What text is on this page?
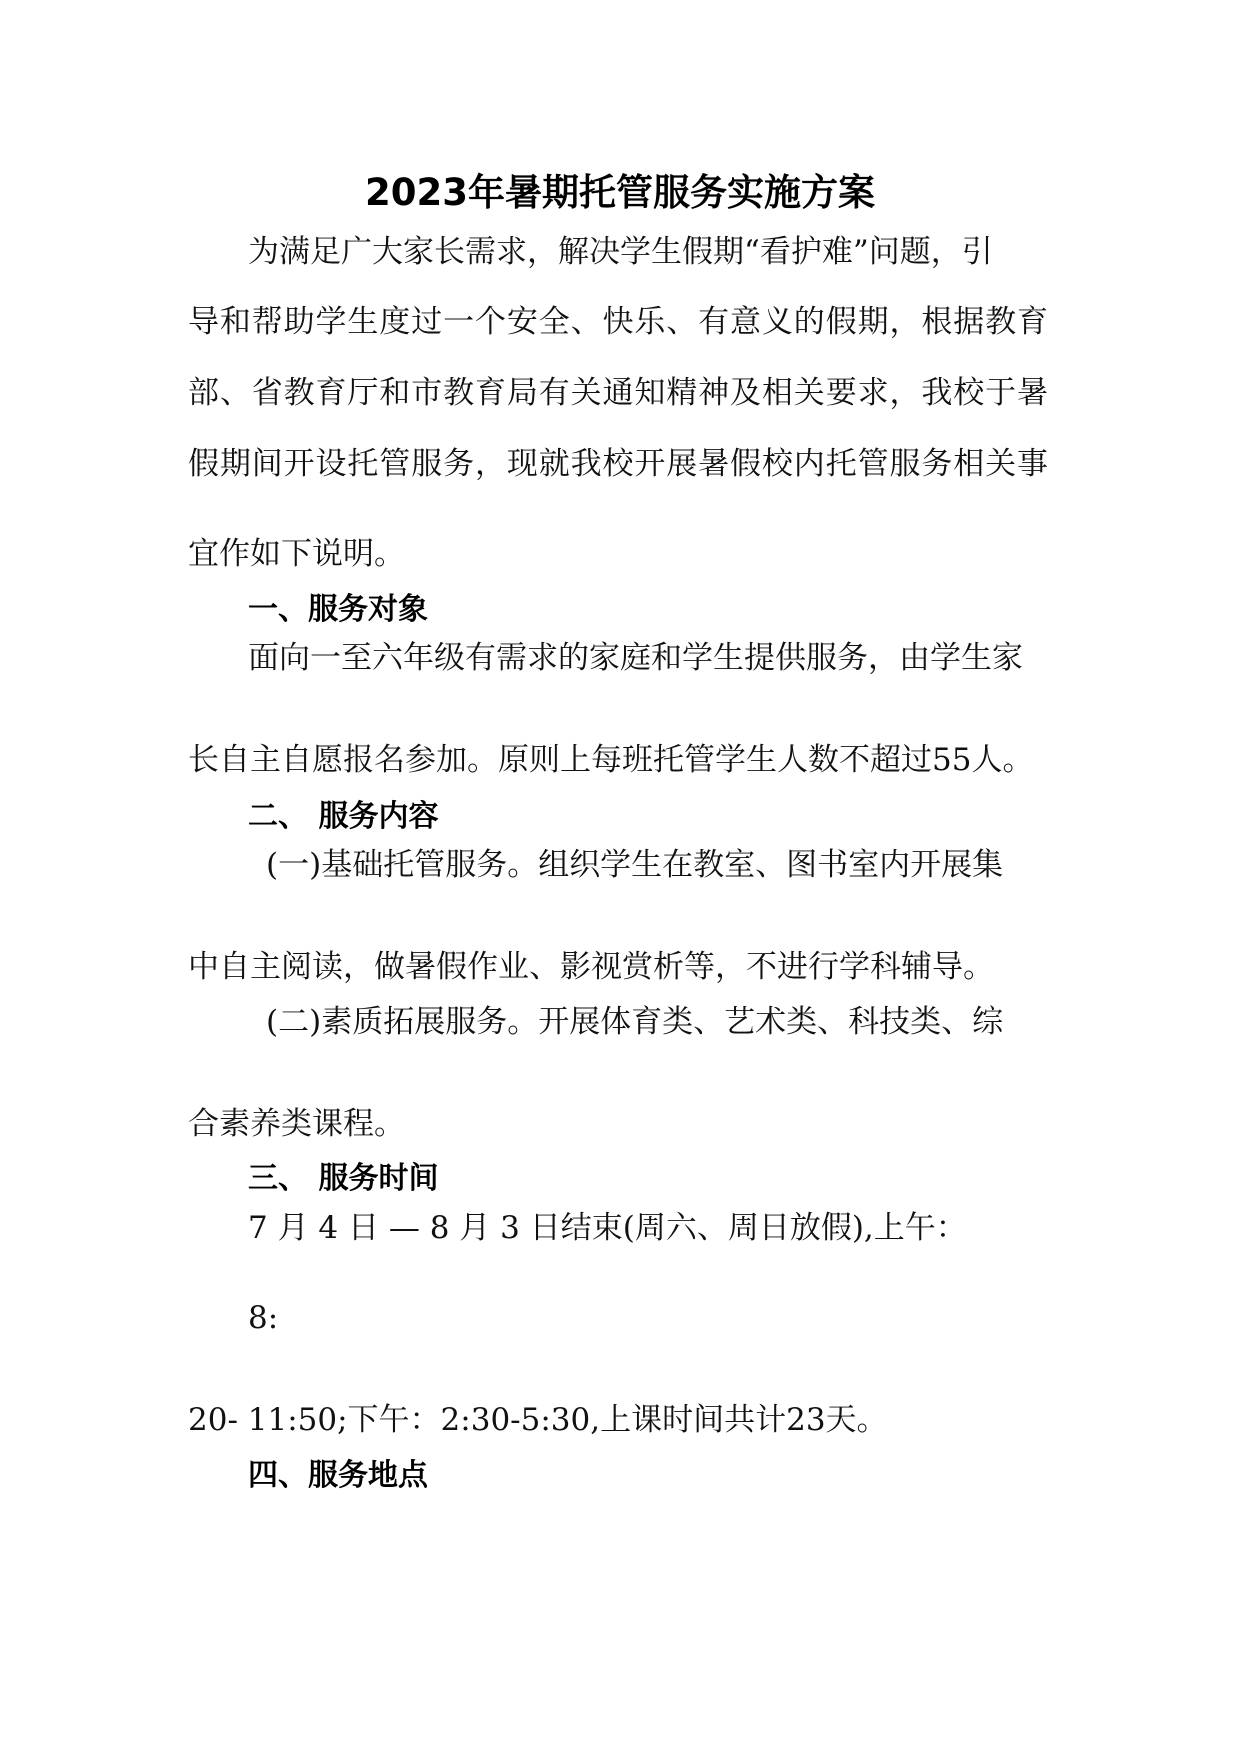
2023年暑期托管服务实施方案
为满足广大家长需求，解决学生假期“看护难”问题，引
导和帮助学生度过一个安全、快乐、有意义的假期，根据教育
部、省教育厅和市教育局有关通知精神及相关要求，我校于暑
假期间开设托管服务，现就我校开展暑假校内托管服务相关事
宜作如下说明。
一、服务对象
面向一至六年级有需求的家庭和学生提供服务，由学生家
长自主自愿报名参加。原则上每班托管学生人数不超过55人。
二、 服务内容
(一)基础托管服务。组织学生在教室、图书室内开展集
中自主阅读，做暑假作业、影视赏析等，不进行学科辅导。
(二)素质拓展服务。开展体育类、艺术类、科技类、综
合素养类课程。
三、 服务时间
7 月 4 日 — 8 月 3 日结束(周六、周日放假),上午：
8:
20- 11:50;下午：2:30-5:30,上课时间共计23天。
四、服务地点
